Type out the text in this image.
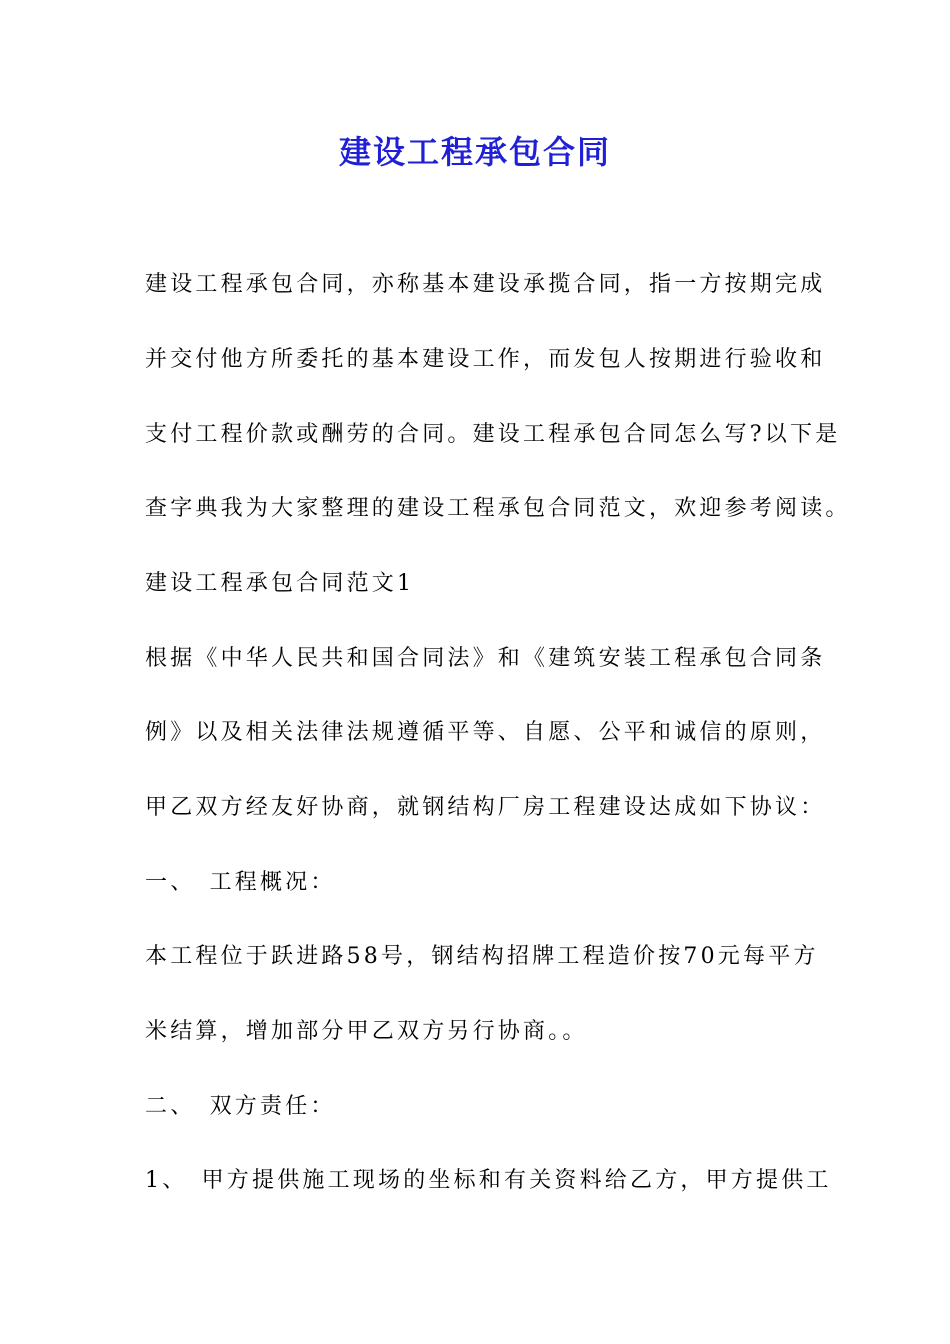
建设工程承包合同
建设工程承包合同，亦称基本建设承揽合同，指一方按期完成
并交付他方所委托的基本建设工作，而发包人按期进行验收和
支付工程价款或酬劳的合同。建设工程承包合同怎么写?以下是
查字典我为大家整理的建设工程承包合同范文，欢迎参考阅读。
建设工程承包合同范文1
根据《中华人民共和国合同法》和《建筑安装工程承包合同条
例》以及相关法律法规遵循平等、自愿、公平和诚信的原则，
甲乙双方经友好协商，就钢结构厂房工程建设达成如下协议：
一、　工程概况：
本工程位于跃进路58号，钢结构招牌工程造价按70元每平方
米结算，增加部分甲乙双方另行协商。。
二、　双方责任：
1、　甲方提供施工现场的坐标和有关资料给乙方，甲方提供工
